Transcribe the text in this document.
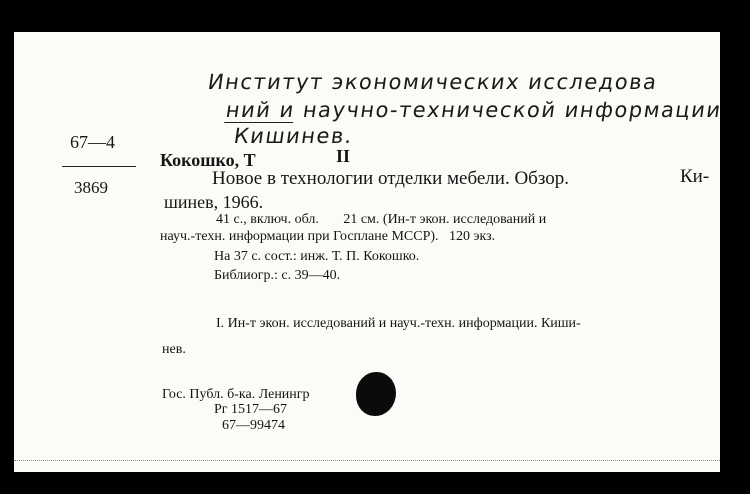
Институт экономических исследова
ний и научно-технической информации
Кишинев.
67—4
3869
Кокошко, Т	II
Новое в технологии отделки мебели. Обзор.	Ки-
шинев, 1966.
41 с., включ. обл.       21 см. (Ин-т экон. исследований и
науч.-техн. информации при Госплане МССР).   120 экз.
На 37 с. сост.: инж. Т. П. Кокошко.
Библиогр.: с. 39—40.
I. Ин-т экон. исследований и науч.-техн. информации. Киши-
нев.
Гос. Публ. б-ка. Ленингр
Рг 1517—67
67—99474
